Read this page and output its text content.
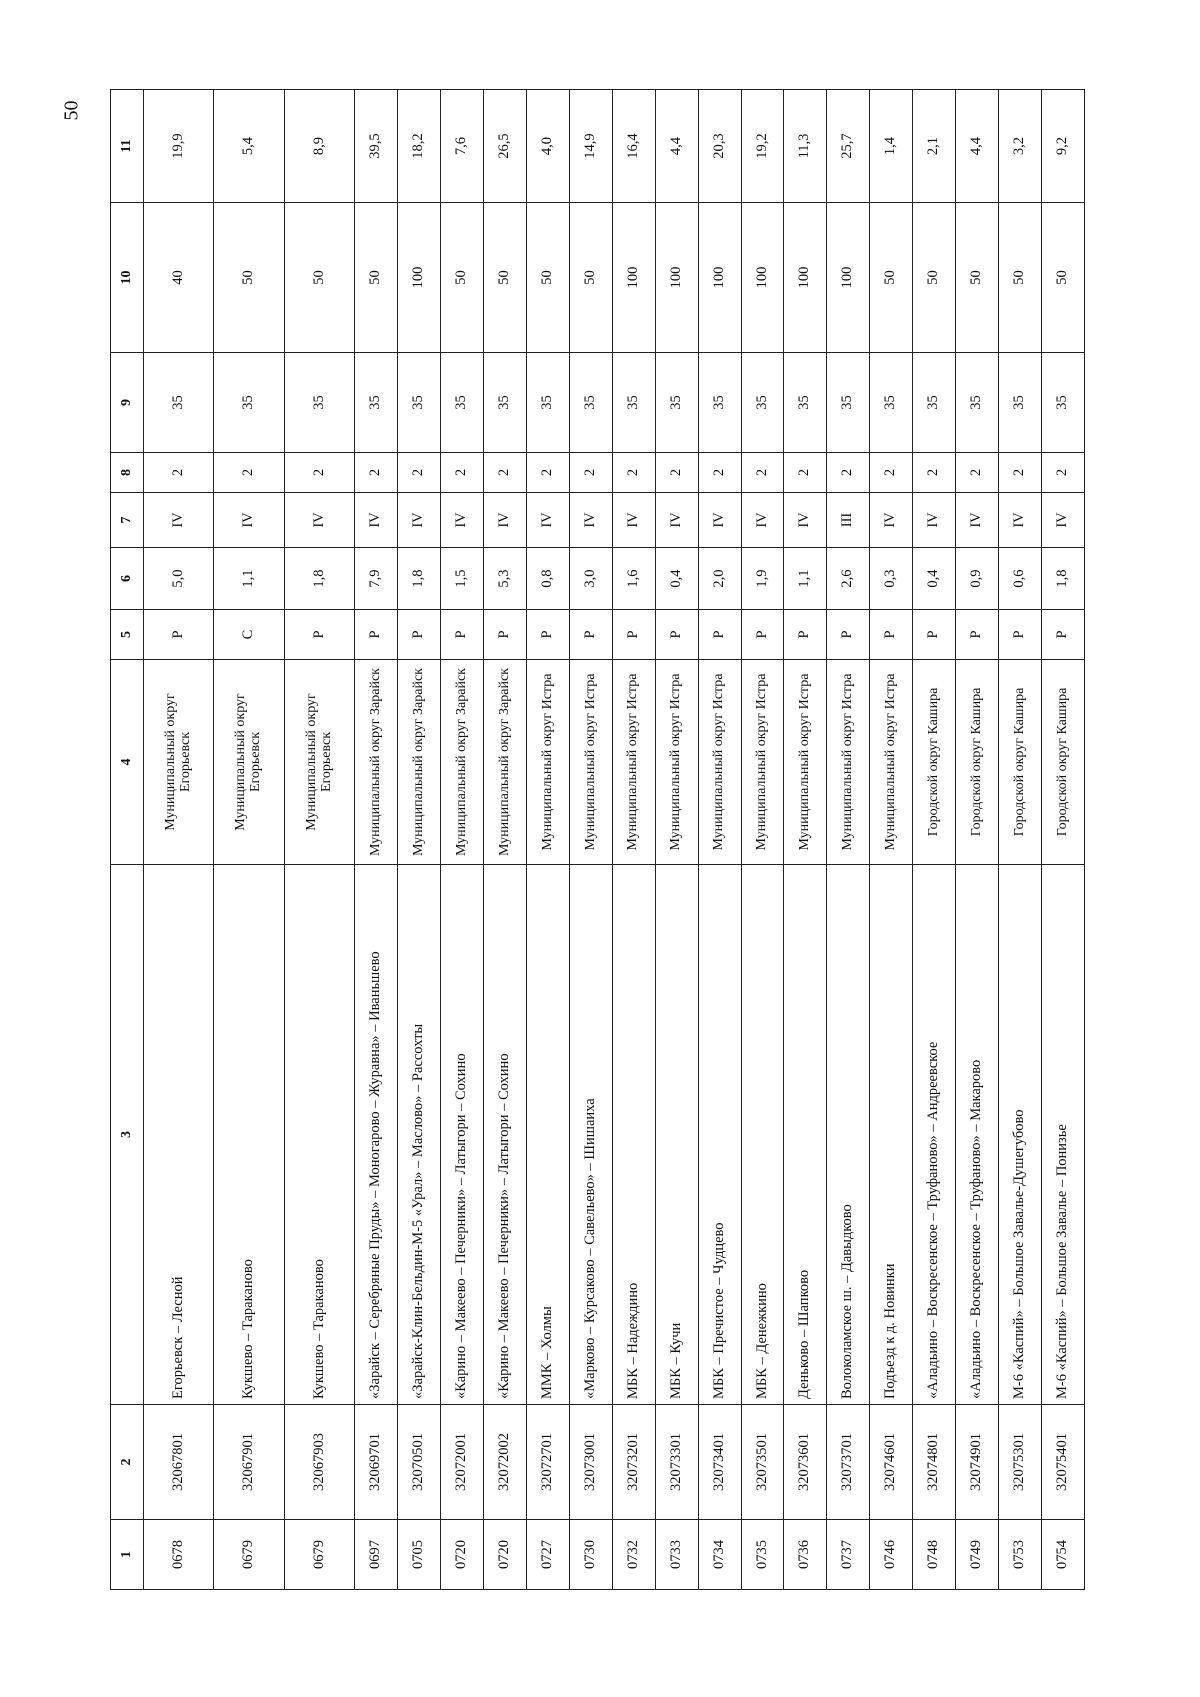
50
1	2	3	4	5	6	7	8	9	10	11
0678	32067801	Егорьевск – Лесной	Муниципальный округ Егорьевск	Р	5,0	IV	2	35	40	19,9
0679	32067901	Кукшево – Тараканово	Муниципальный округ Егорьевск	С	1,1	IV	2	35	50	5,4
0679	32067903	Кукшево – Тараканово	Муниципальный округ Егорьевск	Р	1,8	IV	2	35	50	8,9
0697	32069701	«Зарайск – Серебряные Пруды» – Моногарово – Журавна» – Иваньшево	Муниципальный округ Зарайск	Р	7,9	IV	2	35	50	39,5
0705	32070501	«Зарайск-Клин-Бельдин-М-5 «Урал» – Маслово» – Рассохты	Муниципальный округ Зарайск	Р	1,8	IV	2	35	100	18,2
0720	32072001	«Карино – Макеево – Печерники» – Латыгори – Сохино	Муниципальный округ Зарайск	Р	1,5	IV	2	35	50	7,6
0720	32072002	«Карино – Макеево – Печерники» – Латыгори – Сохино	Муниципальный округ Зарайск	Р	5,3	IV	2	35	50	26,5
0727	32072701	ММК – Холмы	Муниципальный округ Истра	Р	0,8	IV	2	35	50	4,0
0730	32073001	«Марково – Курсаково – Савельево» – Шишаиха	Муниципальный округ Истра	Р	3,0	IV	2	35	50	14,9
0732	32073201	МБК – Надеждино	Муниципальный округ Истра	Р	1,6	IV	2	35	100	16,4
0733	32073301	МБК – Кучи	Муниципальный округ Истра	Р	0,4	IV	2	35	100	4,4
0734	32073401	МБК – Пречистое – Чудцево	Муниципальный округ Истра	Р	2,0	IV	2	35	100	20,3
0735	32073501	МБК – Денежкино	Муниципальный округ Истра	Р	1,9	IV	2	35	100	19,2
0736	32073601	Деньково – Шапково	Муниципальный округ Истра	Р	1,1	IV	2	35	100	11,3
0737	32073701	Волоколамское ш. – Давыдково	Муниципальный округ Истра	Р	2,6	III	2	35	100	25,7
0746	32074601	Подъезд к д. Новинки	Муниципальный округ Истра	Р	0,3	IV	2	35	50	1,4
0748	32074801	«Аладьино – Воскресенское – Труфаново» – Андреевское	Городской округ Кашира	Р	0,4	IV	2	35	50	2,1
0749	32074901	«Аладьино – Воскресенское – Труфаново» – Макарово	Городской округ Кашира	Р	0,9	IV	2	35	50	4,4
0753	32075301	М-6 «Каспий» – Большое Завалье-Душегубово	Городской округ Кашира	Р	0,6	IV	2	35	50	3,2
0754	32075401	М-6 «Каспий» – Большое Завалье – Понизье	Городской округ Кашира	Р	1,8	IV	2	35	50	9,2
